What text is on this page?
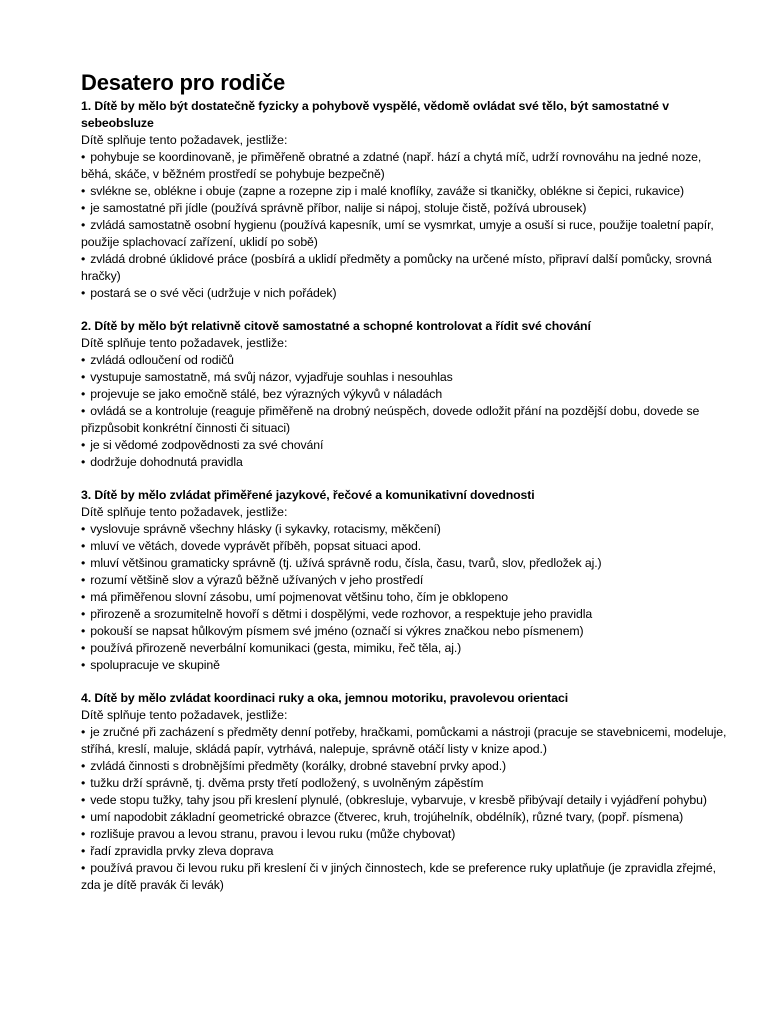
Desatero pro rodiče

1. Dítě by mělo být dostatečně fyzicky a pohybově vyspělé, vědomě ovládat své tělo, být samostatné v sebeobsluze

Dítě splňuje tento požadavek, jestliže:

• pohybuje se koordinovaně, je přiměřeně obratné a zdatné (např. hází a chytá míč, udrží rovnováhu na jedné noze, běhá, skáče, v běžném prostředí se pohybuje bezpečně)
• svlékne se, oblékne i obuje (zapne a rozepne zip i malé knoflíky, zaváže si tkaničky, oblékne si čepici, rukavice)
• je samostatné při jídle (používá správně příbor, nalije si nápoj, stoluje čistě, požívá ubrousek)
• zvládá samostatně osobní hygienu (používá kapesník, umí se vysmrkat, umyje a osuší si ruce, použije toaletní papír, použije splachovací zařízení, uklidí po sobě)
• zvládá drobné úklidové práce (posbírá a uklidí předměty a pomůcky na určené místo, připraví další pomůcky, srovná hračky)
• postará se o své věci (udržuje v nich pořádek)

2. Dítě by mělo být relativně citově samostatné a schopné kontrolovat a řídit své chování

Dítě splňuje tento požadavek, jestliže:

• zvládá odloučení od rodičů
• vystupuje samostatně, má svůj názor, vyjadřuje souhlas i nesouhlas
• projevuje se jako emočně stálé, bez výrazných výkyvů v náladách
• ovládá se a kontroluje (reaguje přiměřeně na drobný neúspěch, dovede odložit přání na pozdější dobu, dovede se přizpůsobit konkrétní činnosti či situaci)
• je si vědomé zodpovědnosti za své chování
• dodržuje dohodnutá pravidla

3. Dítě by mělo zvládat přiměřené jazykové, řečové a komunikativní dovednosti

Dítě splňuje tento požadavek, jestliže:

• vyslovuje správně všechny hlásky (i sykavky, rotacismy, měkčení)
• mluví ve větách, dovede vyprávět příběh, popsat situaci apod.
• mluví většinou gramaticky správně (tj. užívá správně rodu, čísla, času, tvarů, slov, předložek aj.)
• rozumí většině slov a výrazů běžně užívaných v jeho prostředí
• má přiměřenou slovní zásobu, umí pojmenovat většinu toho, čím je obklopeno
• přirozeně a srozumitelně hovoří s dětmi i dospělými, vede rozhovor, a respektuje jeho pravidla
• pokouší se napsat hůlkovým písmem své jméno (označí si výkres značkou nebo písmenem)
• používá přirozeně neverbální komunikaci (gesta, mimiku, řeč těla, aj.)
• spolupracuje ve skupině

4. Dítě by mělo zvládat koordinaci ruky a oka, jemnou motoriku, pravolevou orientaci

Dítě splňuje tento požadavek, jestliže:

• je zručné při zacházení s předměty denní potřeby, hračkami, pomůckami a nástroji (pracuje se stavebnicemi, modeluje, stříhá, kreslí, maluje, skládá papír, vytrhává, nalepuje, správně otáčí listy v knize apod.)
• zvládá činnosti s drobnějšími předměty (korálky, drobné stavební prvky apod.)
• tužku drží správně, tj. dvěma prsty třetí podložený, s uvolněným zápěstím
• vede stopu tužky, tahy jsou při kreslení plynulé, (obkresluje, vybarvuje, v kresbě přibývají detaily i vyjádření pohybu)
• umí napodobit základní geometrické obrazce (čtverec, kruh, trojúhelník, obdélník), různé tvary, (popř. písmena)
• rozlišuje pravou a levou stranu, pravou i levou ruku (může chybovat)
• řadí zpravidla prvky zleva doprava
• používá pravou či levou ruku při kreslení či v jiných činnostech, kde se preference ruky uplatňuje (je zpravidla zřejmé, zda je dítě pravák či levák)
